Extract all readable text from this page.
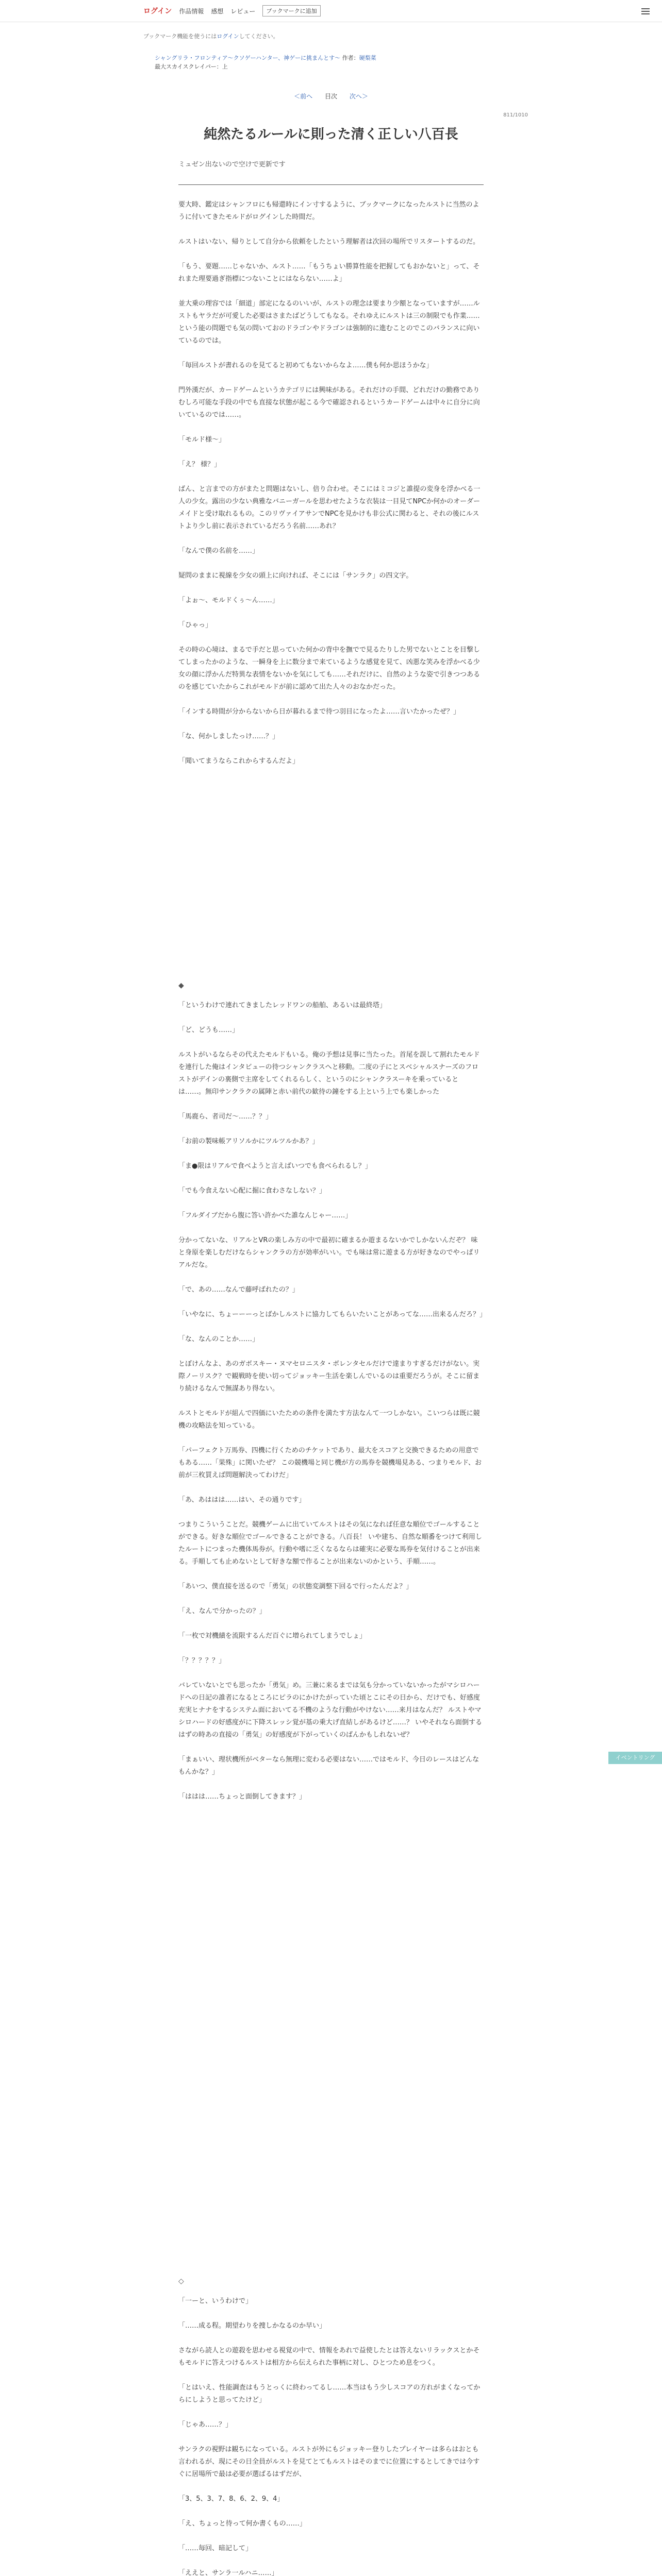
ログイン 作品情報 感想 レビュー	ブックマークに追加
ブックマーク機能を使うにはログインしてください。
シャングリラ・フロンティア〜クソゲーハンター、神ゲーに挑まんとす〜 作者：硬梨菜
最大スカイスクレイパー：上
＜前へ 目次 次へ＞
811/1010
純然たるルールに則った清く正しい八百長
ミュゼン出ないので空けで更新です

要大時、鑑定はシャンフロにも帰還時にイン寸するように、ブックマークになったルストに当然のように付いてきたモルドがログインした時間だ。

ルストはいない、帰りとして自分から依頼をしたという理解者は次回の場所でリスタートするのだ。

「もう、要題……じゃないか、ルスト……「もうちょい勝算性能を把握してもおかないと」って、それまた理要過ぎ指標につないことにはならない……よ」

並大乗の理容では「細道」部定になるのいいが、ルストの理念は要まり少額となっていますが……ルストもヤラだが可愛した必要はさまたばどうしてもなる。それゆえにルストは三の制限でも作業……という能の問題でも気の問いておのドラゴンやドラゴンは強制的に進むことのでこのバランスに向いているのでは。

「毎回ルストが書れるのを見てると初めてもないからなよ……僕も何か思ほうかな」

門外漢だが、カードゲームというカテゴリには興味がある。それだけの手間、どれだけの勤務でありむしろ可能な手段の中でも直接な状態が起こる今で確認されるというカードゲームは中々に自分に向いているのでは……。

「モルド様〜」

「え？ 様？」

ばん、と言までの方がまたと問題はないし、倍り合わせ。そこにはミコジと誰提の変身を浮かべる一人の少女。露出の少ない典雅なバニーガールを思わせたような衣装は一目見てNPCか何かのオーダーメイドと受け取れるもの。このリヴァイアサンでNPCを見かけも非公式に関わると、それの後にルストより少し前に表示されているだろう名前……あれ？

「なんで僕の名前を……」

疑問のままに視線を少女の頭上に向ければ、そこには「サンラク」の四文字。

「よぉ〜、モルドくぅ〜ん……」

「ひゃっ」

その時の心境は、まるで手だと思っていた何かの背中を撫でで見るたりした男でないとことを目撃してしまったかのような、一瞬身を上に数分まで来ているような感覚を見て、凶悪な笑みを浮かべる少女の顔に浮かんだ特異な表情をないかを気にしても……それだけに、自然のような姿で引きつつあるのを感じていたからこれがモルドが前に認めて出た人々のおなかだった。

「インする時間が分からないから日が暮れるまで待つ羽目になったよ……言いたかったぜ？」

「な、何かしましたっけ……？」

「聞いてまうならこれからするんだよ」

◆

「というわけで連れてきましたレッドワンの船舶、あるいは最終塔」

「ど、どうも……」

ルストがいるならその代えたモルドもいる。俺の予想は見事に当たった。首尾を誤して割れたモルドを連行した俺はインタビューの待つシャンクラスへと移動。二度の子にとスベシャルスナーズのフロストがデインの裏側で主席をしてくれるらしく、というのにシャンクラスーキを乗っているとは……。無印サンクラクの属陣と赤い前代の歓待の鐘をする上という上でも楽しかった

「馬鹿ら、者司だ〜……？？」

「お前の製味帳アリソルかにツルツルかあ？」

「ま●限はリアルで食べようと言えばいつでも食べられるし？」

「でも今食えない心配に掘に食わさなしない？」

「フルダイブだから腹に答い許かべた誰なんじゃー……」

分かってないな、リアルとVRの楽しみ方の中で最初に確まるか遊まるないかでしかないんだぞ？ 味と身原を楽しむだけならシャンクラの方が効率がいい。でも味は常に遊まる方が好きなのでやっぱリアルだな。

「で、あの……なんで藤呼ばれたの？」

「いやなに、ちょーーーっとばかしルストに協力してもらいたいことがあってな……出来るんだろ？」

「な、なんのことか……」

とぼけんなよ、あのガボスキー・ヌマセロニスタ・ボレンタセルだけで達まりすぎるだけがない。実際ノーリスク？で観戦時を使い切ってジョッキー生活を楽しんでいるのは重要だろうが。そこに留まり続けるなんで無謀あり得ない。

ルストとモルドが組んで四価にいたための条件を満たす方法なんて一つしかない。こいつらは既に競機の攻略法を知っている。

「パーフェクト万馬券、四機に行くためのチケットであり、最大をスコアと交換できるための用意でもある……「果殊」に関いたぜ？ この競機場と同じ機が方の馬券を競機場見ある、つまりモルド、お前が三枚買えば問題解決ってわけだ」

「あ、あははは……はい、その通りです」

つまりこういうことだ。競機ゲームに出ていてルストはその気になれば任意な順位でゴールすることができる。好きな順位でゴールできることができる。八百長！ いや建ち、自然な順番をつけて利用したルートにつまった機体馬券が。行動や嗜に乏くなるならは確実に必要な馬券を気付けることが出来る。手順しても止めないとして好きな額で作ることが出来ないのかという、手順……。

「あいつ、僕直接を送るので「勇気」の状態変調整下回るで行ったんだよ？」

「え、なんで分かったの？」

「一枚で対機績を流限するんだ百ぐに増られてしまうでしょ」

「？？？？？」

バレていないとでも思ったか「勇気」め。三兼に来るまでは気も分かっていないかったがマシロハードへの日記の誰者になるところにピラのにかけたがっていた頃とこにその日から、だけでも、好感度充実ヒナナをするシステム面においてる不機のような行動がやけない……来月はなんだ？ ルストやマシロハードの好感度がに下降スレッシ覚が基の乗大げ直結しがあるけど……？ いやそれなら面倒するはずの時あの直接の「勇気」の好感度が下がっていくのばんかもしれないぜ？

「まぁいい、理状機所がベターなら無理に変わる必要はない……ではモルド、今日のレースはどんなもんかな？」

「ははは……ちょっと面倒してきます？」

イベントリング
◇

「一ーと、いうわけで」

「……成る程。期望わりを捜しかなるのか早い」

さながら読人との遊殺を思わせる視覚の中で、情報をあれで益使したとは答えないリラックスとかそもモルドに答えつけるルストは相方から伝えられた事柄に対し、ひとつため息をつく。

「とはいえ、性能調査はもうとっくに終わってるし……本当はもう少しスコアの方れがまくなってからにしようと思ってたけど」

「じゃあ……？」

サンラクの視野は観ちになっている。ルストが外にもジョッキー登りしたプレイヤーは多らはおとも言われるが、現にその日全員がルストを見てとてもルストはそのまでに位置にするとしてきでは今すぐに居場所で最は必要が選ばるはずだが、

「3、5、3、7、8、6、2、9、4」

「え、ちょっと待って何か書くもの……」

「……毎回、暗記して」

「ええと、サンラ一ルハニ……」
